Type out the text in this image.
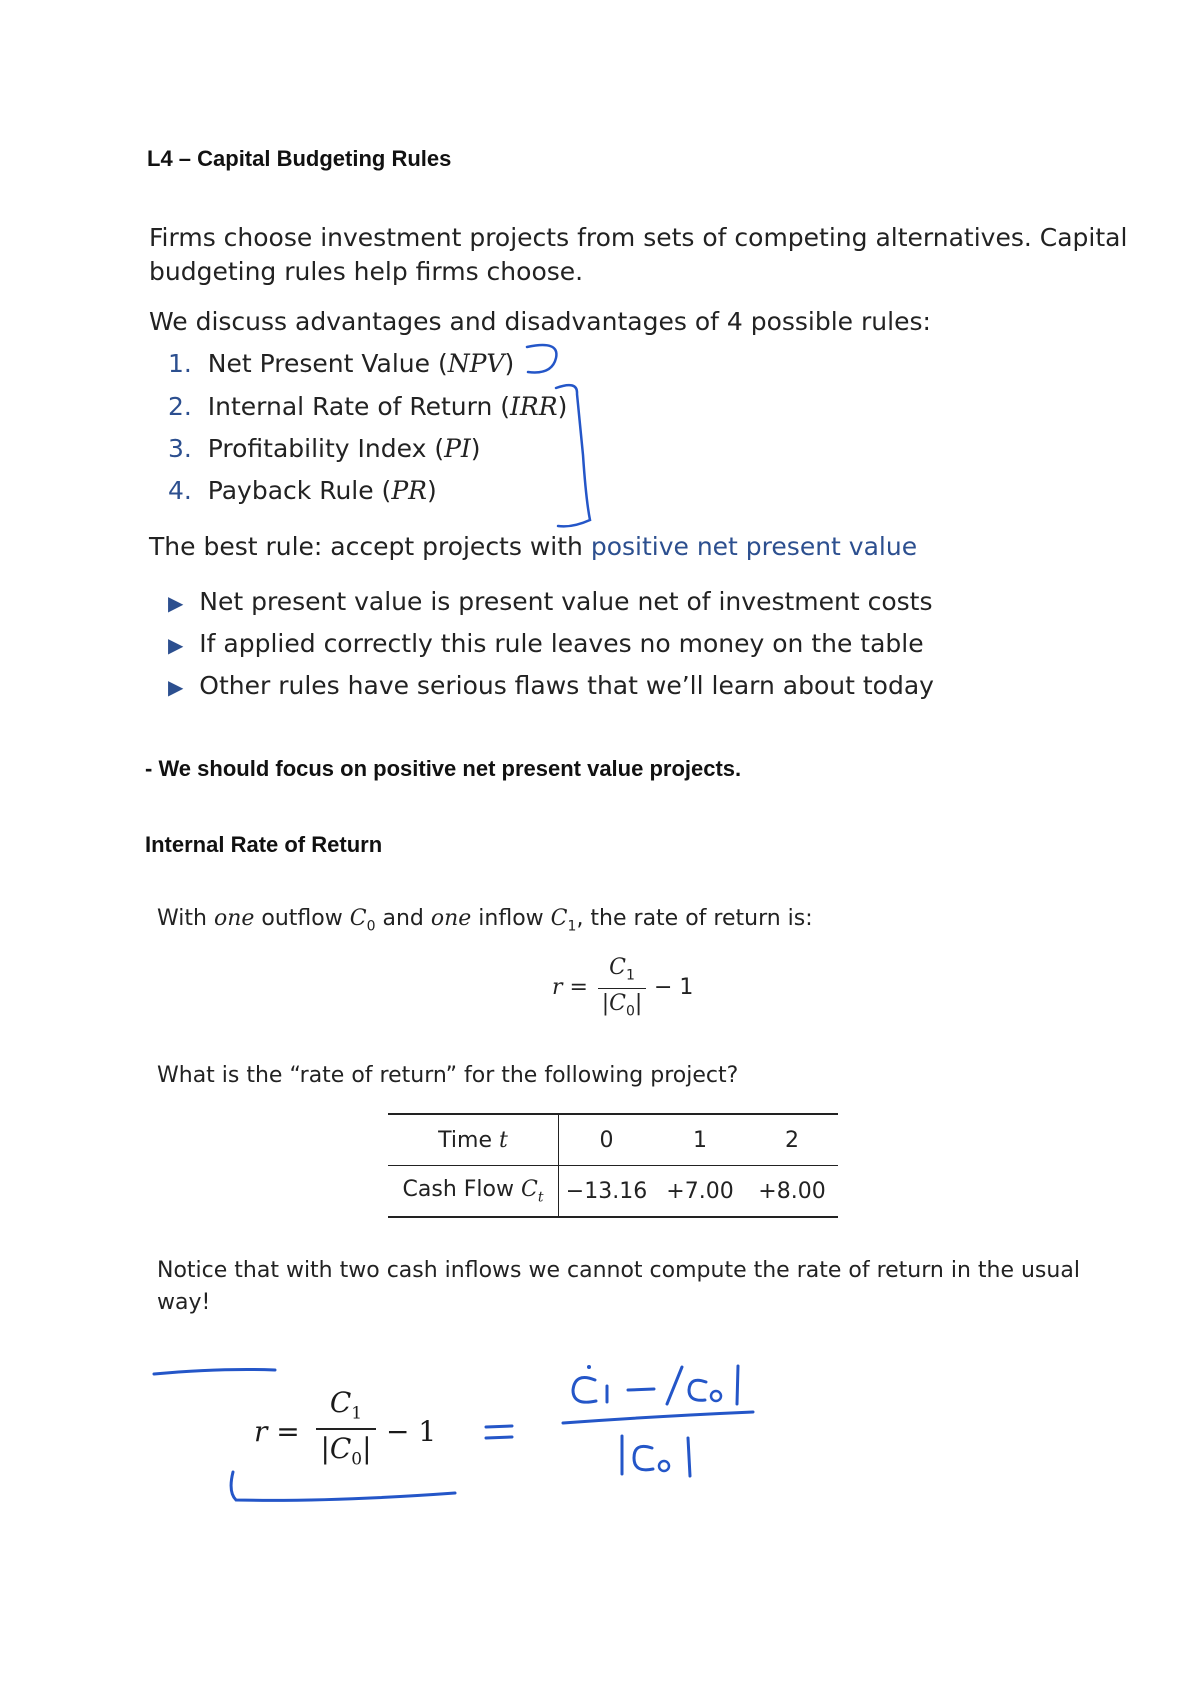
L4 – Capital Budgeting Rules
Firms choose investment projects from sets of competing alternatives. Capital
budgeting rules help firms choose.
We discuss advantages and disadvantages of 4 possible rules:
1. Net Present Value (NPV)
2. Internal Rate of Return (IRR)
3. Profitability Index (PI)
4. Payback Rule (PR)
The best rule: accept projects with positive net present value
▶ Net present value is present value net of investment costs
▶ If applied correctly this rule leaves no money on the table
▶ Other rules have serious flaws that we’ll learn about today
- We should focus on positive net present value projects.
Internal Rate of Return
With one outflow $C_0$ and one inflow $C_1$, the rate of return is:
r =
$C_1$
$|C_0|$
− 1
What is the “rate of return” for the following project?
Time t	0	1	2
Cash Flow $C_t$	−13.16	+7.00	+8.00
Notice that with two cash inflows we cannot compute the rate of return in the usual
way!
r =
$C_1$
$|C_0|$
− 1
